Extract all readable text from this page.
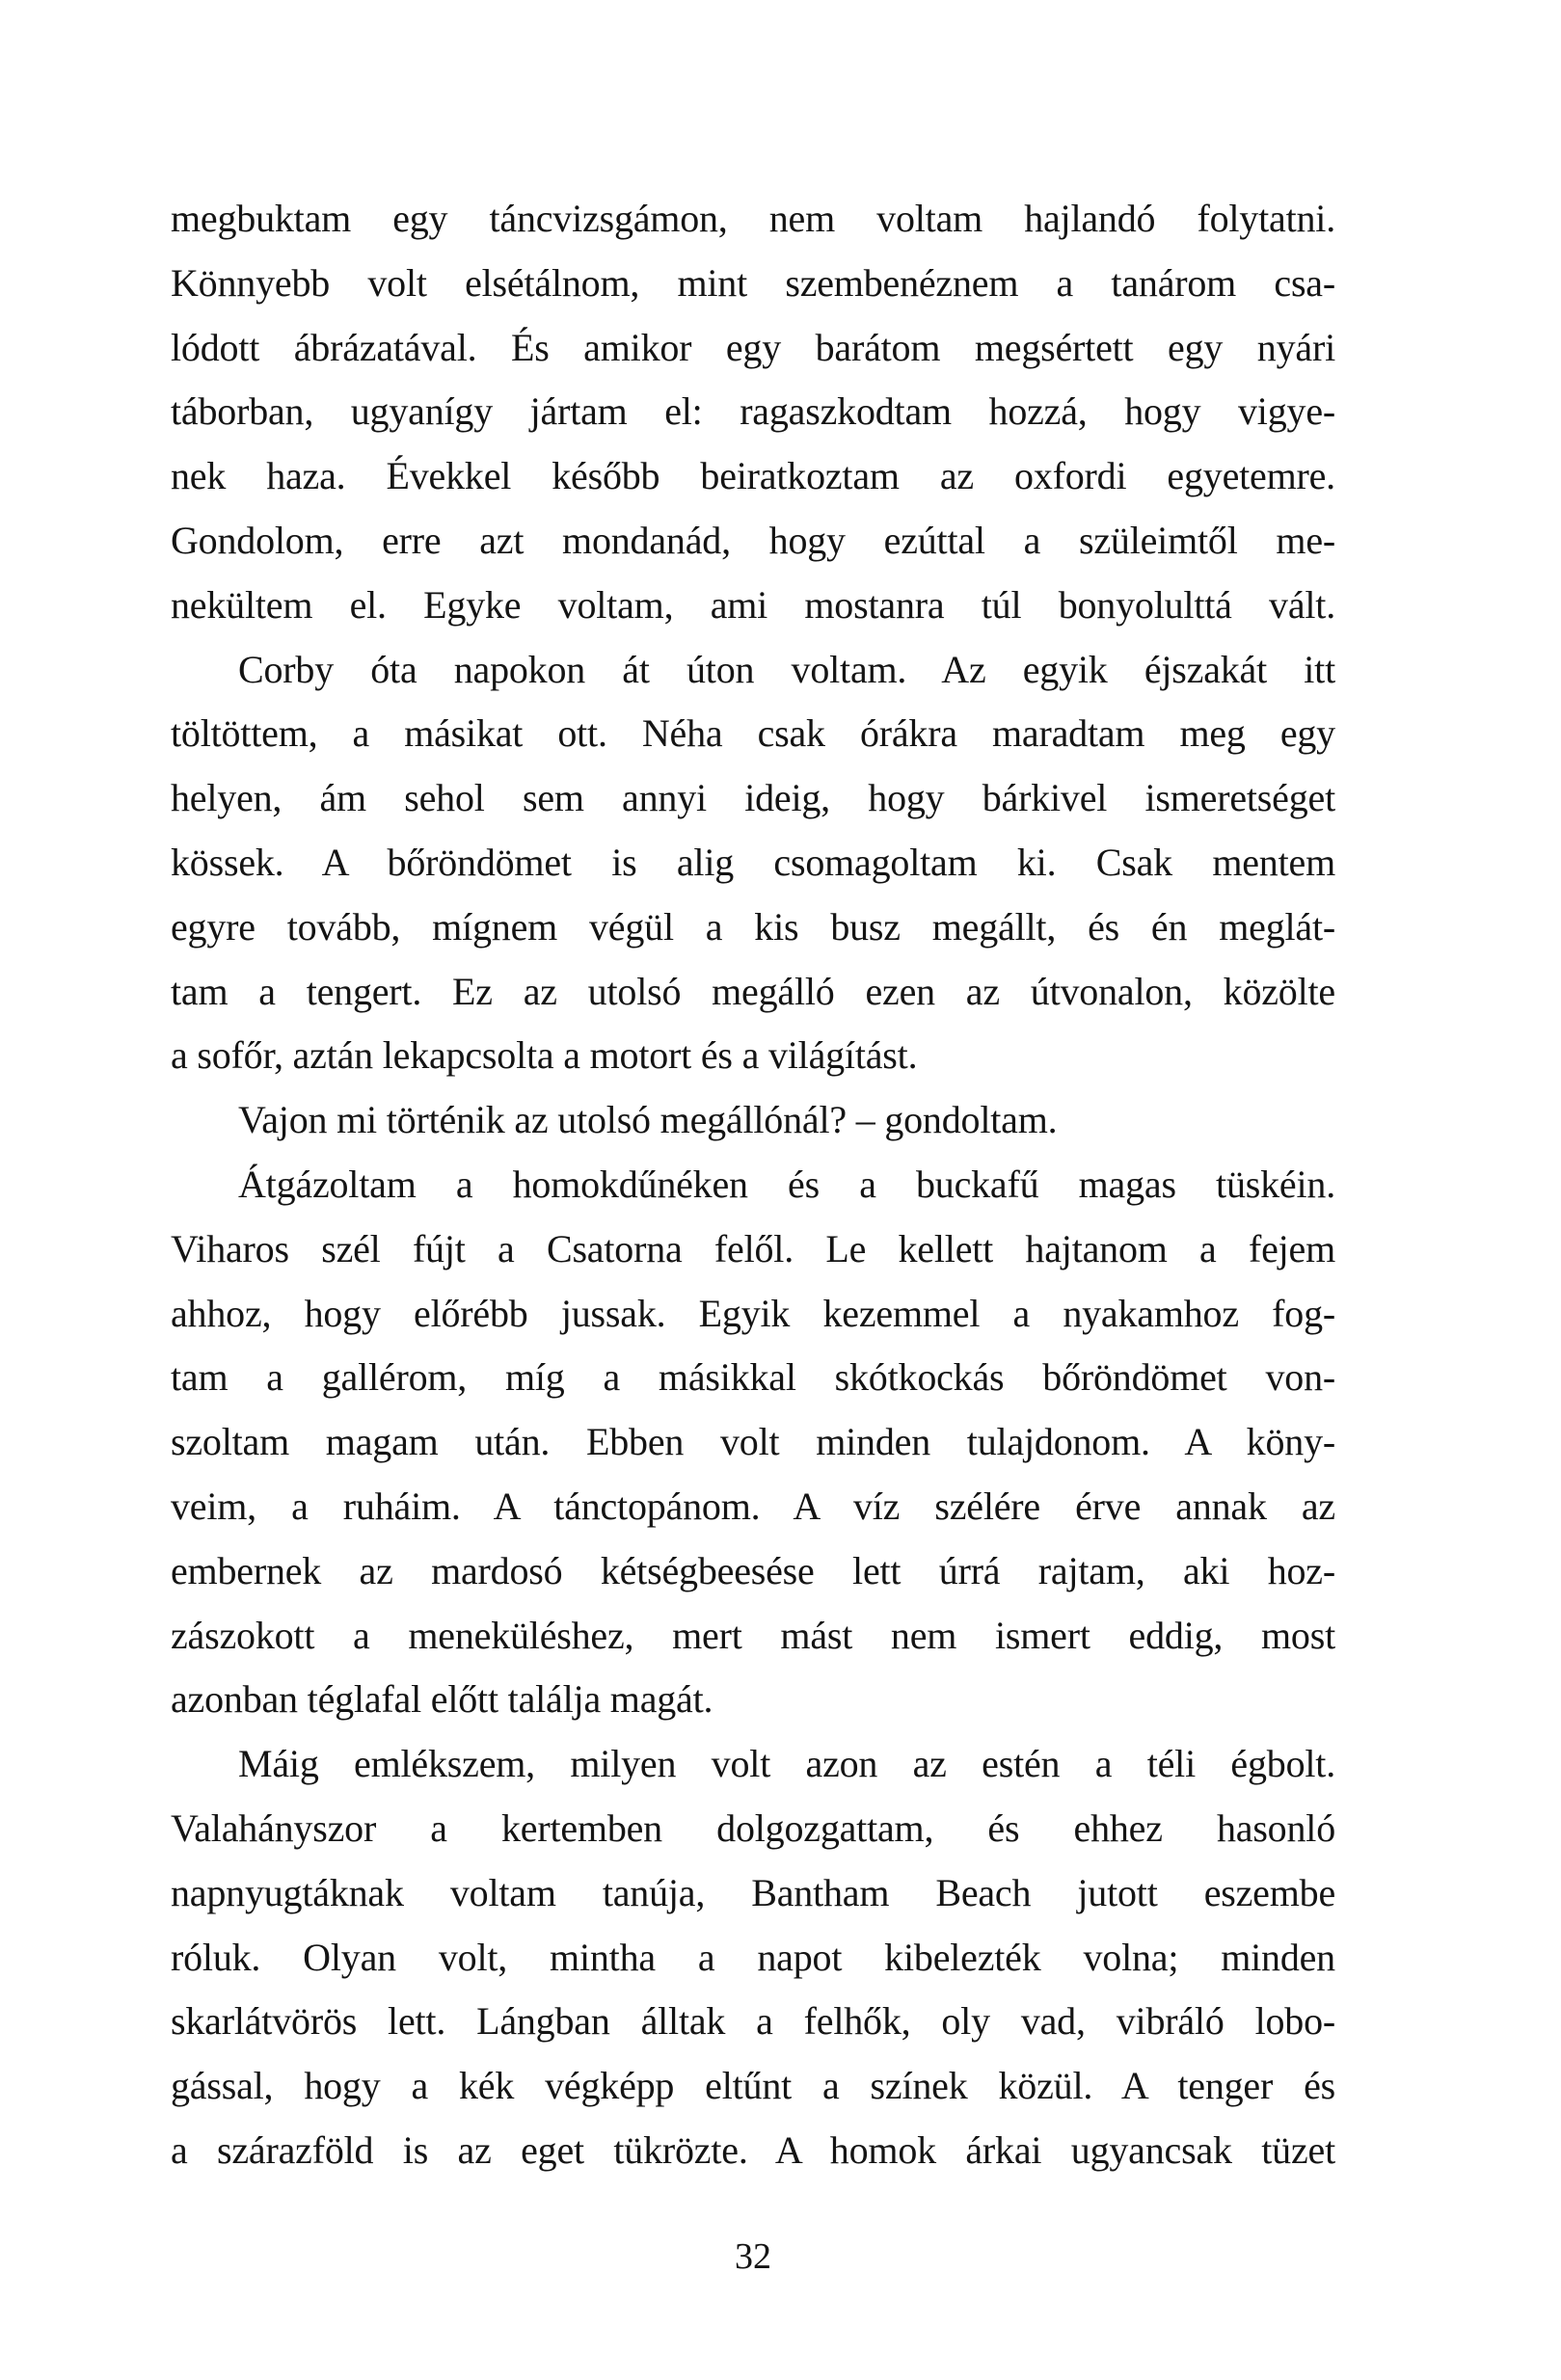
megbuktam egy táncvizsgámon, nem voltam hajlandó folytatni.
Könnyebb volt elsétálnom, mint szembenéznem a tanárom csa-
lódott ábrázatával. És amikor egy barátom megsértett egy nyári
táborban, ugyanígy jártam el: ragaszkodtam hozzá, hogy vigye-
nek haza. Évekkel később beiratkoztam az oxfordi egyetemre.
Gondolom, erre azt mondanád, hogy ezúttal a szüleimtől me-
nekültem el. Egyke voltam, ami mostanra túl bonyolulttá vált.
Corby óta napokon át úton voltam. Az egyik éjszakát itt
töltöttem, a másikat ott. Néha csak órákra maradtam meg egy
helyen, ám sehol sem annyi ideig, hogy bárkivel ismeretséget
kössek. A bőröndömet is alig csomagoltam ki. Csak mentem
egyre tovább, mígnem végül a kis busz megállt, és én meglát-
tam a tengert. Ez az utolsó megálló ezen az útvonalon, közölte
a sofőr, aztán lekapcsolta a motort és a világítást.
Vajon mi történik az utolsó megállónál? – gondoltam.
Átgázoltam a homokdűnéken és a buckafű magas tüskéin.
Viharos szél fújt a Csatorna felől. Le kellett hajtanom a fejem
ahhoz, hogy előrébb jussak. Egyik kezemmel a nyakamhoz fog-
tam a gallérom, míg a másikkal skótkockás bőröndömet von-
szoltam magam után. Ebben volt minden tulajdonom. A köny-
veim, a ruháim. A tánctopánom. A víz szélére érve annak az
embernek az mardosó kétségbeesése lett úrrá rajtam, aki hoz-
zászokott a meneküléshez, mert mást nem ismert eddig, most
azonban téglafal előtt találja magát.
Máig emlékszem, milyen volt azon az estén a téli égbolt.
Valahányszor a kertemben dolgozgattam, és ehhez hasonló
napnyugtáknak voltam tanúja, Bantham Beach jutott eszembe
róluk. Olyan volt, mintha a napot kibelezték volna; minden
skarlátvörös lett. Lángban álltak a felhők, oly vad, vibráló lobo-
gással, hogy a kék végképp eltűnt a színek közül. A tenger és
a szárazföld is az eget tükrözte. A homok árkai ugyancsak tüzet
32
